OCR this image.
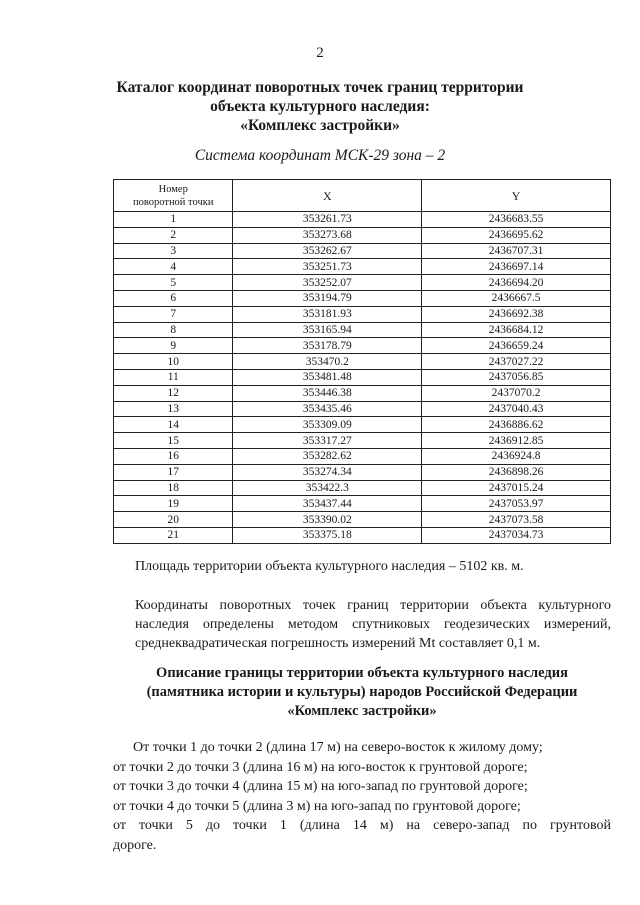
2
Каталог координат поворотных точек границ территории
объекта культурного наследия:
«Комплекс застройки»
Система координат МСК-29 зона – 2
Номер
поворотной точки	X	Y
1	353261.73	2436683.55
2	353273.68	2436695.62
3	353262.67	2436707.31
4	353251.73	2436697.14
5	353252.07	2436694.20
6	353194.79	2436667.5
7	353181.93	2436692.38
8	353165.94	2436684.12
9	353178.79	2436659.24
10	353470.2	2437027.22
11	353481.48	2437056.85
12	353446.38	2437070.2
13	353435.46	2437040.43
14	353309.09	2436886.62
15	353317.27	2436912.85
16	353282.62	2436924.8
17	353274.34	2436898.26
18	353422.3	2437015.24
19	353437.44	2437053.97
20	353390.02	2437073.58
21	353375.18	2437034.73
Площадь территории объекта культурного наследия – 5102 кв. м.
Координаты поворотных точек границ территории объекта культурного наследия определены методом спутниковых геодезических измерений, среднеквадратическая погрешность измерений Mt составляет 0,1 м.
Описание границы территории объекта культурного наследия
(памятника истории и культуры) народов Российской Федерации
«Комплекс застройки»
От точки 1 до точки 2 (длина 17 м) на северо-восток к жилому дому;
от точки 2 до точки 3 (длина 16 м) на юго-восток к грунтовой дороге;
от точки 3 до точки 4 (длина 15 м) на юго-запад по грунтовой дороге;
от точки 4 до точки 5 (длина 3 м) на юго-запад по грунтовой дороге;
от точки 5 до точки 1 (длина 14 м) на северо-запад по грунтовой
дороге.
